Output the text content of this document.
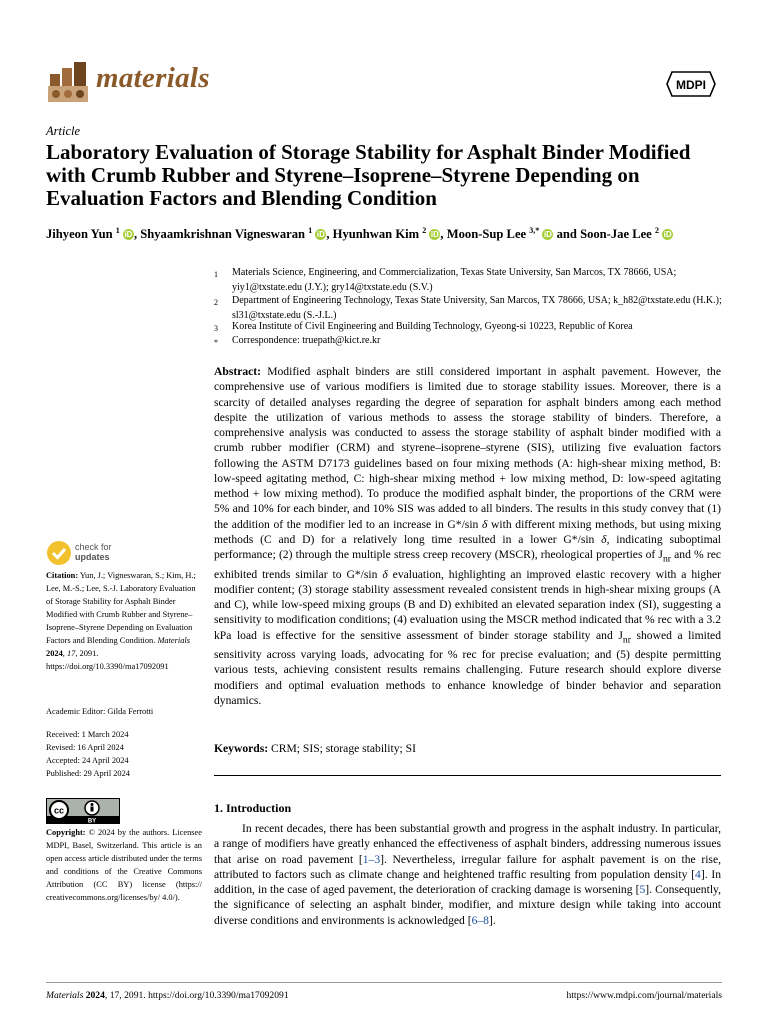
materials	MDPI
Article
Laboratory Evaluation of Storage Stability for Asphalt Binder Modified with Crumb Rubber and Styrene–Isoprene–Styrene Depending on Evaluation Factors and Blending Condition
Jihyeon Yun $^1$ iD , Shyaamkrishnan Vigneswaran $^1$ iD , Hyunhwan Kim $^2$ iD , Moon-Sup Lee $^{3,*}$ iD and Soon-Jae Lee $^2$ iD
1	Materials Science, Engineering, and Commercialization, Texas State University, San Marcos, TX 78666, USA; yiy1@txstate.edu (J.Y.); gry14@txstate.edu (S.V.)
2	Department of Engineering Technology, Texas State University, San Marcos, TX 78666, USA; k_h82@txstate.edu (H.K.); sl31@txstate.edu (S.-J.L.)
3	Korea Institute of Civil Engineering and Building Technology, Gyeong-si 10223, Republic of Korea
*	Correspondence: truepath@kict.re.kr
Abstract: Modified asphalt binders are still considered important in asphalt pavement. However, the comprehensive use of various modifiers is limited due to storage stability issues. Moreover, there is a scarcity of detailed analyses regarding the degree of separation for asphalt binders among each method despite the utilization of various methods to assess the storage stability of binders. Therefore, a comprehensive analysis was conducted to assess the storage stability of asphalt binder modified with a crumb rubber modifier (CRM) and styrene–isoprene–styrene (SIS), utilizing five evaluation factors following the ASTM D7173 guidelines based on four mixing methods (A: high-shear mixing method, B: low-speed agitating method, C: high-shear mixing method + low mixing method, D: low-speed agitating method + low mixing method). To produce the modified asphalt binder, the proportions of the CRM were 5% and 10% for each binder, and 10% SIS was added to all binders. The results in this study convey that (1) the addition of the modifier led to an increase in G*/sin δ with different mixing methods, but using mixing methods (C and D) for a relatively long time resulted in a lower G*/sin δ, indicating suboptimal performance; (2) through the multiple stress creep recovery (MSCR), rheological properties of $J_{nr}$ and % rec exhibited trends similar to G*/sin δ evaluation, highlighting an improved elastic recovery with a higher modifier content; (3) storage stability assessment revealed consistent trends in high-shear mixing groups (A and C), while low-speed mixing groups (B and D) exhibited an elevated separation index (SI), suggesting a sensitivity to modification conditions; (4) evaluation using the MSCR method indicated that % rec with a 3.2 kPa load is effective for the sensitive assessment of binder storage stability and $J_{nr}$ showed a limited sensitivity across varying loads, advocating for % rec for precise evaluation; and (5) despite permitting various tests, achieving consistent results remains challenging. Future research should explore diverse modifiers and optimal evaluation methods to enhance knowledge of binder behavior and separation dynamics.
Keywords: CRM; SIS; storage stability; SI
1. Introduction
In recent decades, there has been substantial growth and progress in the asphalt industry. In particular, a range of modifiers have greatly enhanced the effectiveness of asphalt binders, addressing numerous issues that arise on road pavement [1–3]. Nevertheless, irregular failure for asphalt pavement is on the rise, attributed to factors such as climate change and heightened traffic resulting from population density [4]. In addition, in the case of aged pavement, the deterioration of cracking damage is worsening [5]. Consequently, the significance of selecting an asphalt binder, modifier, and mixture design while taking into account diverse conditions and environments is acknowledged [6–8].
check for
updates
Citation: Yun, J.; Vigneswaran, S.; Kim, H.; Lee, M.-S.; Lee, S.-J. Laboratory Evaluation of Storage Stability for Asphalt Binder Modified with Crumb Rubber and Styrene–Isoprene–Styrene Depending on Evaluation Factors and Blending Condition. Materials 2024, 17, 2091. https://doi.org/10.3390/ma17092091
Academic Editor: Gilda Ferrotti
Received: 1 March 2024
Revised: 16 April 2024
Accepted: 24 April 2024
Published: 29 April 2024
cc
BY
Copyright: © 2024 by the authors. Licensee MDPI, Basel, Switzerland. This article is an open access article distributed under the terms and conditions of the Creative Commons Attribution (CC BY) license (https:// creativecommons.org/licenses/by/ 4.0/).
Materials 2024, 17, 2091. https://doi.org/10.3390/ma17092091	https://www.mdpi.com/journal/materials
